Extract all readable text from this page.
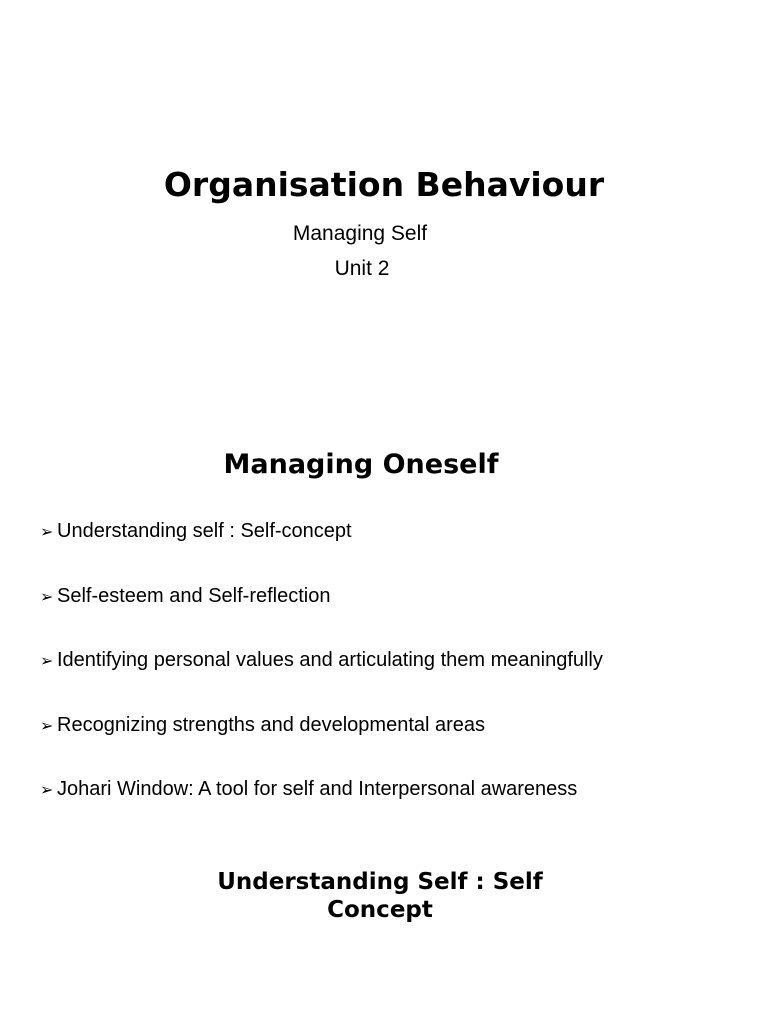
Organisation Behaviour

Managing Self

Unit 2

Managing Oneself
➢ Understanding self : Self-concept
➢ Self-esteem and Self-reflection
➢ Identifying personal values and articulating them meaningfully
➢ Recognizing strengths and developmental areas
➢ Johari Window: A tool for self and Interpersonal awareness
Understanding Self : Self
Concept
